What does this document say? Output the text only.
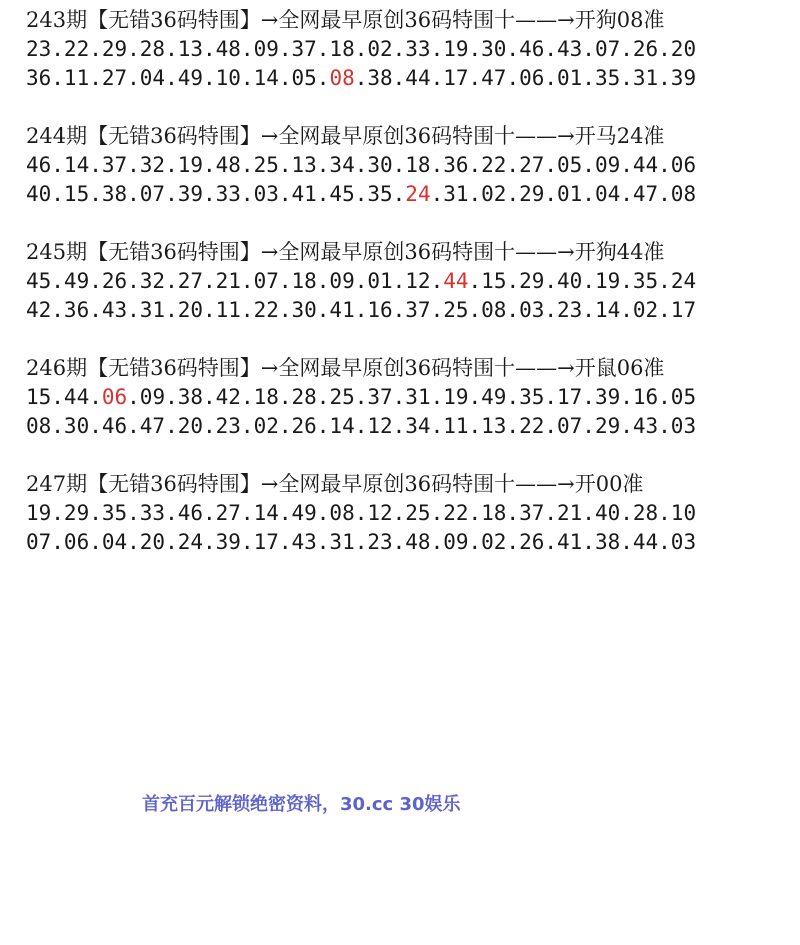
243期【无错36码特围】→全网最早原创36码特围十——→开狗08准
23.22.29.28.13.48.09.37.18.02.33.19.30.46.43.07.26.20
36.11.27.04.49.10.14.05.08.38.44.17.47.06.01.35.31.39
244期【无错36码特围】→全网最早原创36码特围十——→开马24准
46.14.37.32.19.48.25.13.34.30.18.36.22.27.05.09.44.06
40.15.38.07.39.33.03.41.45.35.24.31.02.29.01.04.47.08
245期【无错36码特围】→全网最早原创36码特围十——→开狗44准
45.49.26.32.27.21.07.18.09.01.12.44.15.29.40.19.35.24
42.36.43.31.20.11.22.30.41.16.37.25.08.03.23.14.02.17
246期【无错36码特围】→全网最早原创36码特围十——→开鼠06准
15.44.06.09.38.42.18.28.25.37.31.19.49.35.17.39.16.05
08.30.46.47.20.23.02.26.14.12.34.11.13.22.07.29.43.03
247期【无错36码特围】→全网最早原创36码特围十——→开00准
19.29.35.33.46.27.14.49.08.12.25.22.18.37.21.40.28.10
07.06.04.20.24.39.17.43.31.23.48.09.02.26.41.38.44.03
首充百元解锁绝密资料，30.cc 30娱乐
